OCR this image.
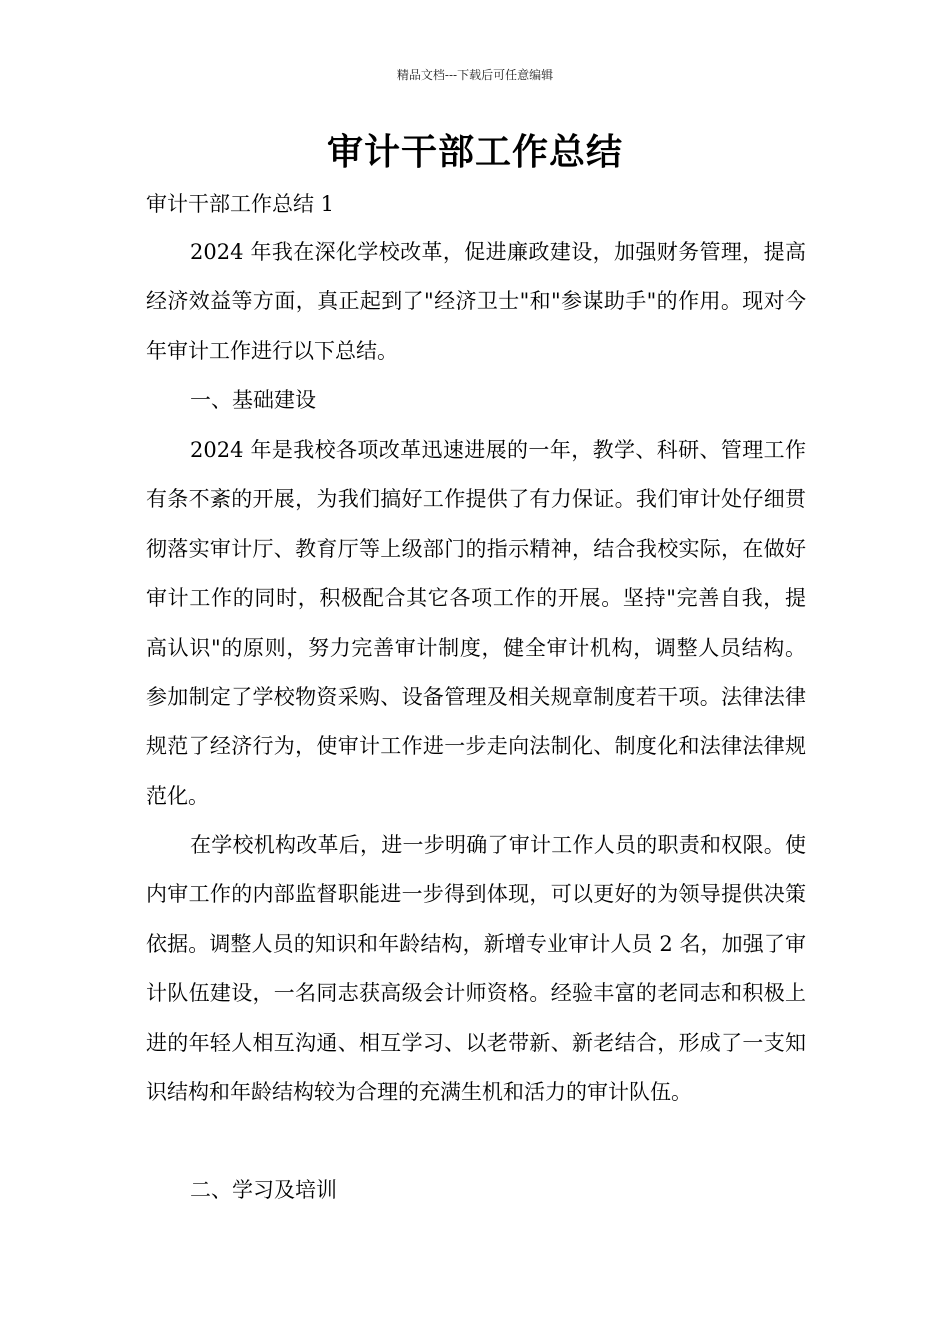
精品文档---下载后可任意编辑
审计干部工作总结

审计干部工作总结 1

2024 年我在深化学校改革，促进廉政建设，加强财务管理，提高经济效益等方面，真正起到了"经济卫士"和"参谋助手"的作用。现对今年审计工作进行以下总结。

一、基础建设

2024 年是我校各项改革迅速进展的一年，教学、科研、管理工作有条不紊的开展，为我们搞好工作提供了有力保证。我们审计处仔细贯彻落实审计厅、教育厅等上级部门的指示精神，结合我校实际，在做好审计工作的同时，积极配合其它各项工作的开展。坚持"完善自我，提高认识"的原则，努力完善审计制度，健全审计机构，调整人员结构。参加制定了学校物资采购、设备管理及相关规章制度若干项。法律法律规范了经济行为，使审计工作进一步走向法制化、制度化和法律法律规范化。

在学校机构改革后，进一步明确了审计工作人员的职责和权限。使内审工作的内部监督职能进一步得到体现，可以更好的为领导提供决策依据。调整人员的知识和年龄结构，新增专业审计人员 2 名，加强了审计队伍建设，一名同志获高级会计师资格。经验丰富的老同志和积极上进的年轻人相互沟通、相互学习、以老带新、新老结合，形成了一支知识结构和年龄结构较为合理的充满生机和活力的审计队伍。

二、学习及培训
